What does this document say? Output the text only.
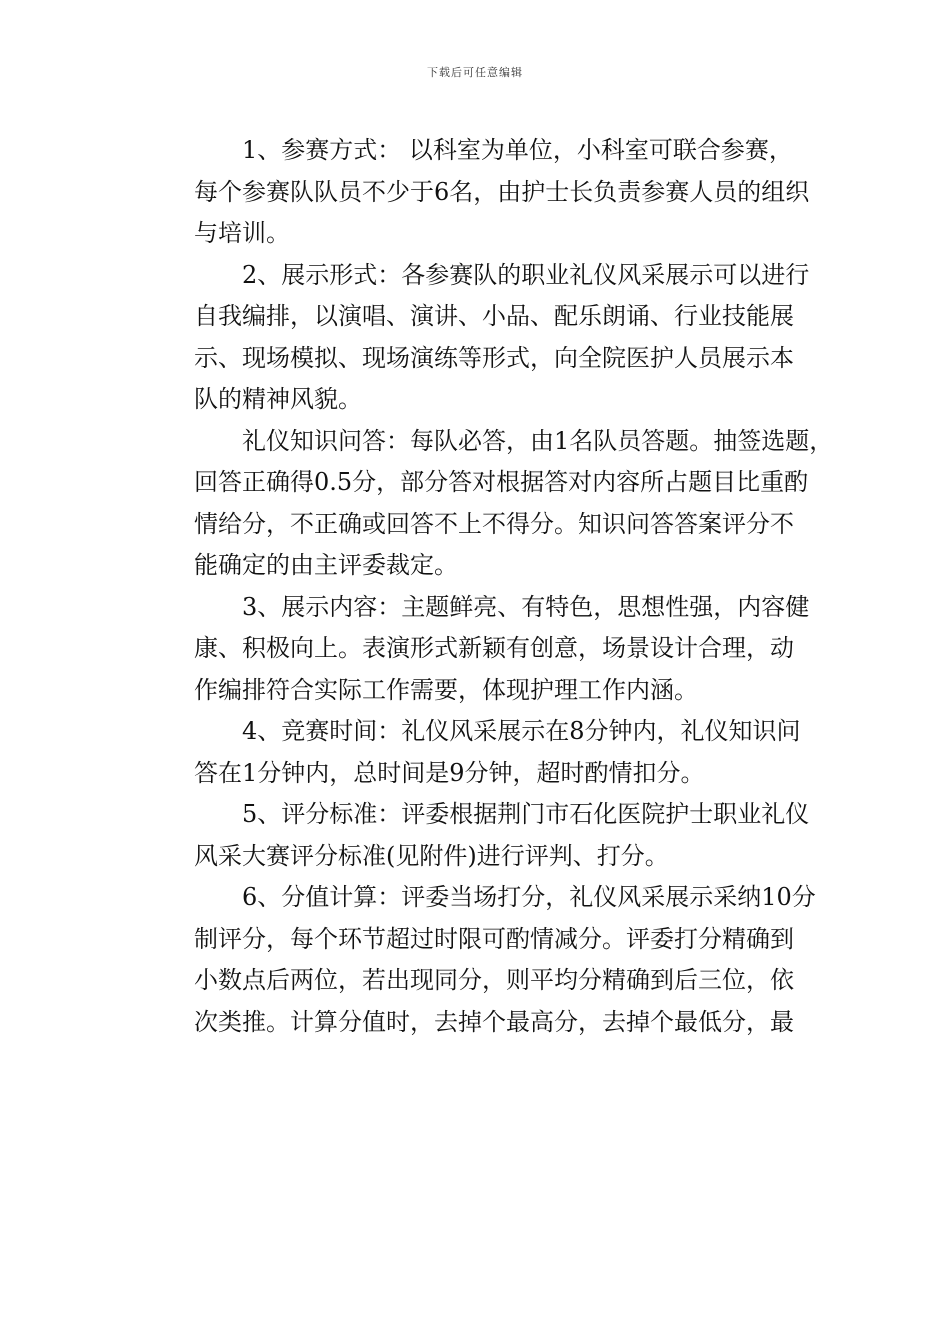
下载后可任意编辑
1、参赛方式： 以科室为单位，小科室可联合参赛，
每个参赛队队员不少于6名，由护士长负责参赛人员的组织
与培训。
2、展示形式：各参赛队的职业礼仪风采展示可以进行
自我编排，以演唱、演讲、小品、配乐朗诵、行业技能展
示、现场模拟、现场演练等形式，向全院医护人员展示本
队的精神风貌。
礼仪知识问答：每队必答，由1名队员答题。抽签选题，
回答正确得0.5分，部分答对根据答对内容所占题目比重酌
情给分，不正确或回答不上不得分。知识问答答案评分不
能确定的由主评委裁定。
3、展示内容：主题鲜亮、有特色，思想性强，内容健
康、积极向上。表演形式新颖有创意，场景设计合理，动
作编排符合实际工作需要，体现护理工作内涵。
4、竞赛时间：礼仪风采展示在8分钟内，礼仪知识问
答在1分钟内，总时间是9分钟，超时酌情扣分。
5、评分标准：评委根据荆门市石化医院护士职业礼仪
风采大赛评分标准(见附件)进行评判、打分。
6、分值计算：评委当场打分，礼仪风采展示采纳10分
制评分，每个环节超过时限可酌情减分。评委打分精确到
小数点后两位，若出现同分，则平均分精确到后三位，依
次类推。计算分值时，去掉个最高分，去掉个最低分，最
